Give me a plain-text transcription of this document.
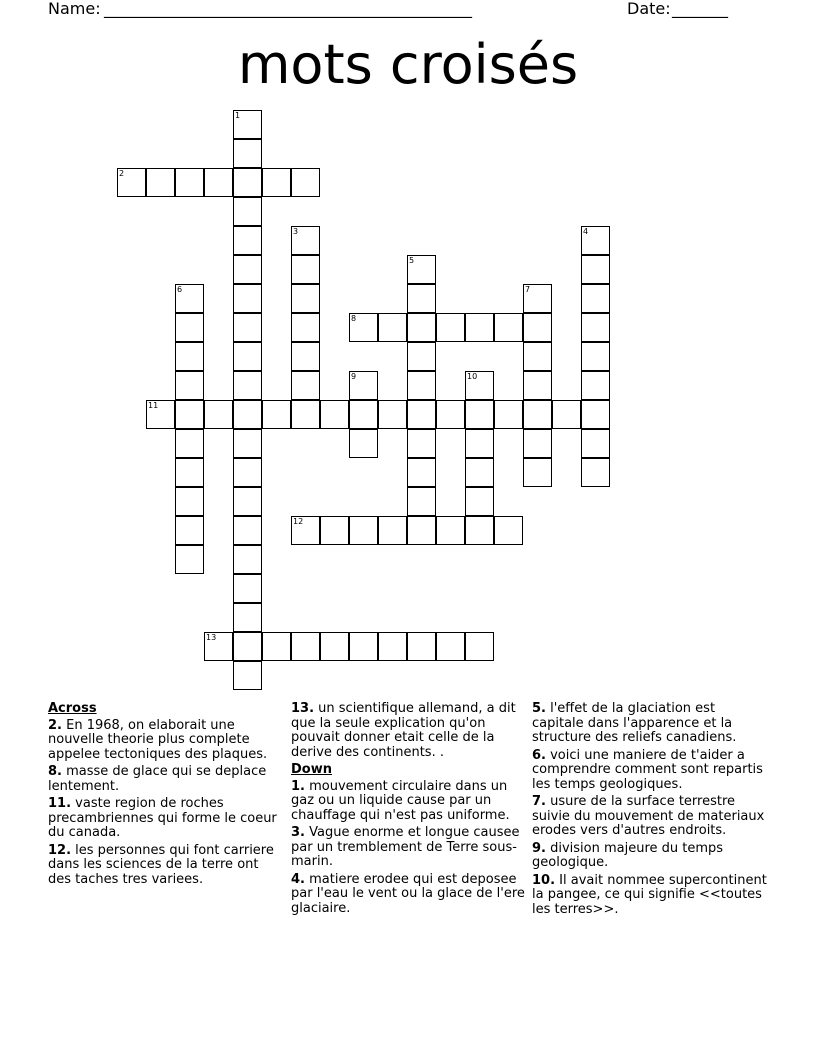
Name: ______________________________________________	Date: _______
mots croisés
1
2
3	4
5
6	7
8
9	10
11
12
13
Across
2. En 1968, on elaborait une nouvelle theorie plus complete appelee tectoniques des plaques.
8. masse de glace qui se deplace lentement.
11. vaste region de roches precambriennes qui forme le coeur du canada.
12. les personnes qui font carriere dans les sciences de la terre ont des taches tres variees.
13. un scientifique allemand, a dit que la seule explication qu'on pouvait donner etait celle de la derive des continents. .
Down
1. mouvement circulaire dans un gaz ou un liquide cause par un chauffage qui n'est pas uniforme.
3. Vague enorme et longue causee par un tremblement de Terre sous-marin.
4. matiere erodee qui est deposee par l'eau le vent ou la glace de l'ere glaciaire.
5. l'effet de la glaciation est capitale dans l'apparence et la structure des reliefs canadiens.
6. voici une maniere de t'aider a comprendre comment sont repartis les temps geologiques.
7. usure de la surface terrestre suivie du mouvement de materiaux erodes vers d'autres endroits.
9. division majeure du temps geologique.
10. Il avait nommee supercontinent la pangee, ce qui signifie <<toutes les terres>>.
